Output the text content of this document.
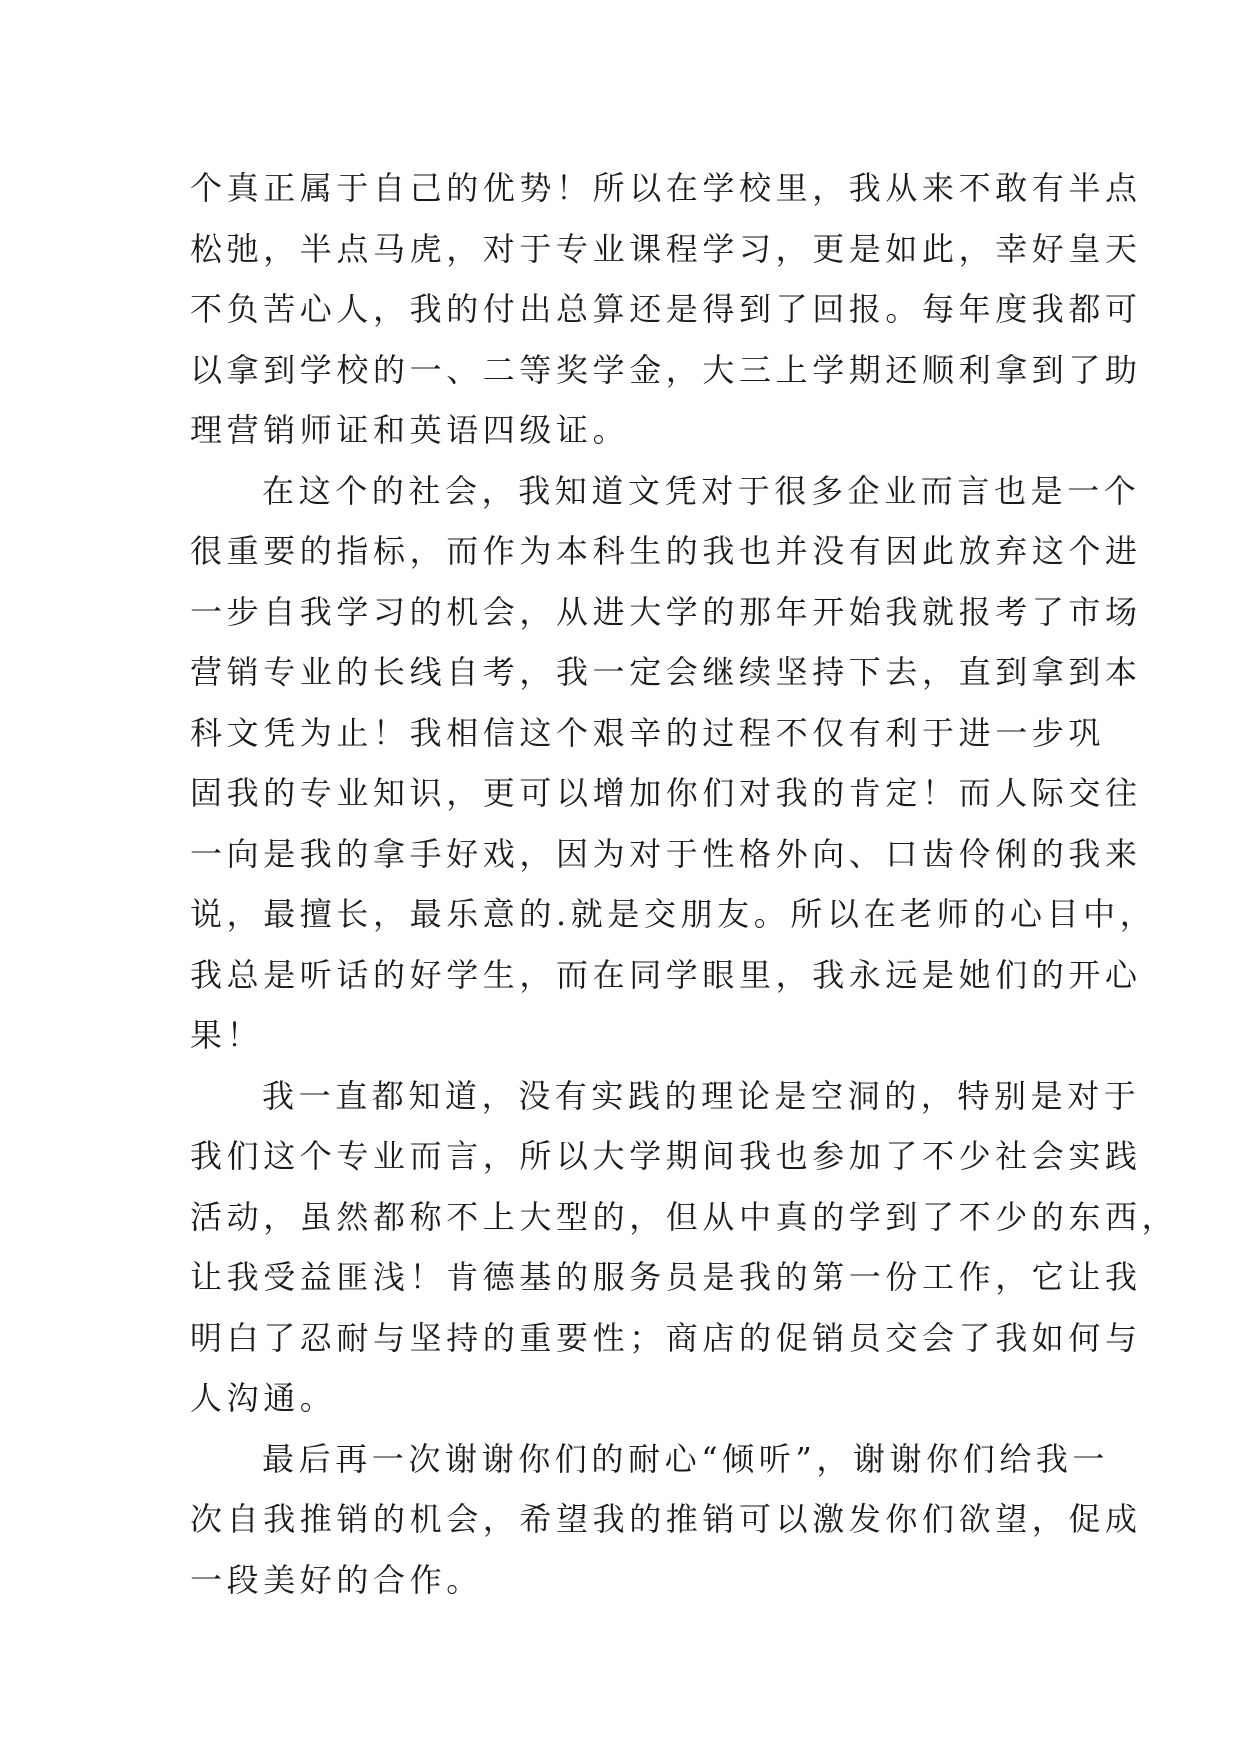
个真正属于自己的优势！所以在学校里，我从来不敢有半点
松弛，半点马虎，对于专业课程学习，更是如此，幸好皇天
不负苦心人，我的付出总算还是得到了回报。每年度我都可
以拿到学校的一、二等奖学金，大三上学期还顺利拿到了助
理营销师证和英语四级证。
在这个的社会，我知道文凭对于很多企业而言也是一个
很重要的指标，而作为本科生的我也并没有因此放弃这个进
一步自我学习的机会，从进大学的那年开始我就报考了市场
营销专业的长线自考，我一定会继续坚持下去，直到拿到本
科文凭为止！我相信这个艰辛的过程不仅有利于进一步巩
固我的专业知识，更可以增加你们对我的肯定！而人际交往
一向是我的拿手好戏，因为对于性格外向、口齿伶俐的我来
说，最擅长，最乐意的.就是交朋友。所以在老师的心目中，
我总是听话的好学生，而在同学眼里，我永远是她们的开心
果！
我一直都知道，没有实践的理论是空洞的，特别是对于
我们这个专业而言，所以大学期间我也参加了不少社会实践
活动，虽然都称不上大型的，但从中真的学到了不少的东西，
让我受益匪浅！肯德基的服务员是我的第一份工作，它让我
明白了忍耐与坚持的重要性；商店的促销员交会了我如何与
人沟通。
最后再一次谢谢你们的耐心“倾听”，谢谢你们给我一
次自我推销的机会，希望我的推销可以激发你们欲望，促成
一段美好的合作。
